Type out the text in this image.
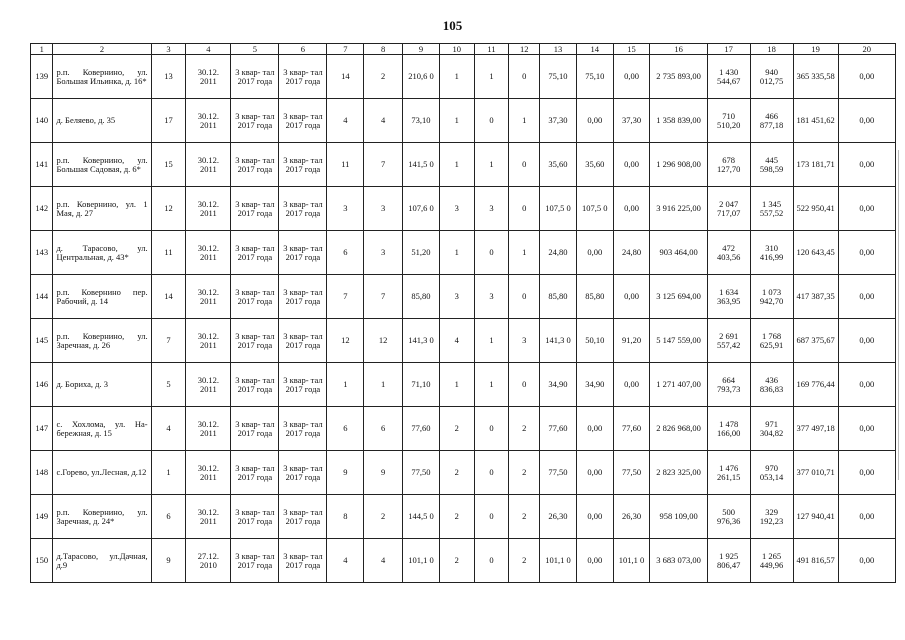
105
1	2	3	4	5	6	7	8	9	10	11	12	13	14	15	16	17	18	19	20
139	р.п. Ковернино, ул. Большая Ильинка, д. 16*	13	30.12. 2011	3 квар- тал 2017 года	3 квар- тал 2017 года	14	2	210,6 0	1	1	0	75,10	75,10	0,00	2 735 893,00	1 430 544,67	940 012,75	365 335,58	0,00
140	д. Беляево, д. 35	17	30.12. 2011	3 квар- тал 2017 года	3 квар- тал 2017 года	4	4	73,10	1	0	1	37,30	0,00	37,30	1 358 839,00	710 510,20	466 877,18	181 451,62	0,00
141	р.п. Ковернино, ул. Большая Садовая, д. 6*	15	30.12. 2011	3 квар- тал 2017 года	3 квар- тал 2017 года	11	7	141,5 0	1	1	0	35,60	35,60	0,00	1 296 908,00	678 127,70	445 598,59	173 181,71	0,00
142	р.п. Ковернино, ул. 1 Мая, д. 27	12	30.12. 2011	3 квар- тал 2017 года	3 квар- тал 2017 года	3	3	107,6 0	3	3	0	107,5 0	107,5 0	0,00	3 916 225,00	2 047 717,07	1 345 557,52	522 950,41	0,00
143	д. Тарасово, ул. Центральная, д. 43*	11	30.12. 2011	3 квар- тал 2017 года	3 квар- тал 2017 года	6	3	51,20	1	0	1	24,80	0,00	24,80	903 464,00	472 403,56	310 416,99	120 643,45	0,00
144	р.п. Ковернино пер. Рабочий, д. 14	14	30.12. 2011	3 квар- тал 2017 года	3 квар- тал 2017 года	7	7	85,80	3	3	0	85,80	85,80	0,00	3 125 694,00	1 634 363,95	1 073 942,70	417 387,35	0,00
145	р.п. Ковернино, ул. Заречная, д. 26	7	30.12. 2011	3 квар- тал 2017 года	3 квар- тал 2017 года	12	12	141,3 0	4	1	3	141,3 0	50,10	91,20	5 147 559,00	2 691 557,42	1 768 625,91	687 375,67	0,00
146	д. Бориха, д. 3	5	30.12. 2011	3 квар- тал 2017 года	3 квар- тал 2017 года	1	1	71,10	1	1	0	34,90	34,90	0,00	1 271 407,00	664 793,73	436 836,83	169 776,44	0,00
147	с. Хохлома, ул. На- бережная, д. 15	4	30.12. 2011	3 квар- тал 2017 года	3 квар- тал 2017 года	6	6	77,60	2	0	2	77,60	0,00	77,60	2 826 968,00	1 478 166,00	971 304,82	377 497,18	0,00
148	с.Горево, ул.Лесная, д.12	1	30.12. 2011	3 квар- тал 2017 года	3 квар- тал 2017 года	9	9	77,50	2	0	2	77,50	0,00	77,50	2 823 325,00	1 476 261,15	970 053,14	377 010,71	0,00
149	р.п. Ковернино, ул. Заречная, д. 24*	6	30.12. 2011	3 квар- тал 2017 года	3 квар- тал 2017 года	8	2	144,5 0	2	0	2	26,30	0,00	26,30	958 109,00	500 976,36	329 192,23	127 940,41	0,00
150	д.Тарасово, ул.Дачная, д.9	9	27.12. 2010	3 квар- тал 2017 года	3 квар- тал 2017 года	4	4	101,1 0	2	0	2	101,1 0	0,00	101,1 0	3 683 073,00	1 925 806,47	1 265 449,96	491 816,57	0,00
